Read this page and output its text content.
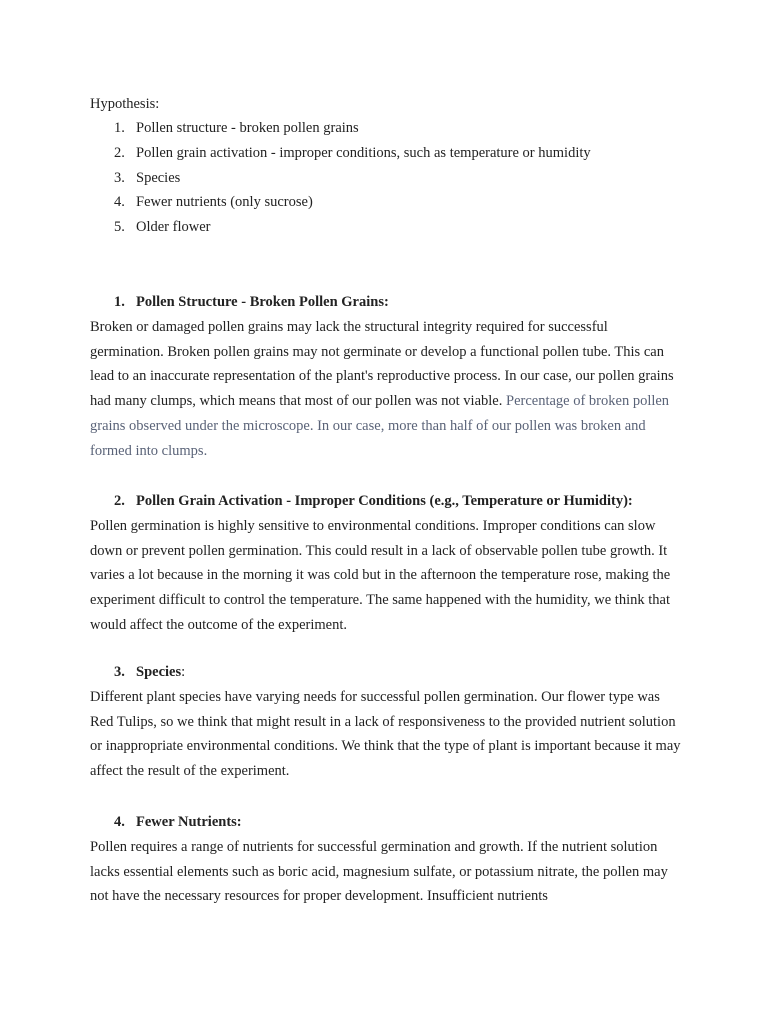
Hypothesis:

1. Pollen structure - broken pollen grains
2. Pollen grain activation - improper conditions, such as temperature or humidity
3. Species
4. Fewer nutrients (only sucrose)
5. Older flower
1. Pollen Structure - Broken Pollen Grains:

Broken or damaged pollen grains may lack the structural integrity required for successful germination. Broken pollen grains may not germinate or develop a functional pollen tube. This can lead to an inaccurate representation of the plant's reproductive process. In our case, our pollen grains had many clumps, which means that most of our pollen was not viable. Percentage of broken pollen grains observed under the microscope. In our case, more than half of our pollen was broken and formed into clumps.

2. Pollen Grain Activation - Improper Conditions (e.g., Temperature or Humidity):

Pollen germination is highly sensitive to environmental conditions. Improper conditions can slow down or prevent pollen germination. This could result in a lack of observable pollen tube growth. It varies a lot because in the morning it was cold but in the afternoon the temperature rose, making the experiment difficult to control the temperature. The same happened with the humidity, we think that would affect the outcome of the experiment.

3. Species:

Different plant species have varying needs for successful pollen germination. Our flower type was Red Tulips, so we think that might result in a lack of responsiveness to the provided nutrient solution or inappropriate environmental conditions. We think that the type of plant is important because it may affect the result of the experiment.

4. Fewer Nutrients:

Pollen requires a range of nutrients for successful germination and growth. If the nutrient solution lacks essential elements such as boric acid, magnesium sulfate, or potassium nitrate, the pollen may not have the necessary resources for proper development. Insufficient nutrients
